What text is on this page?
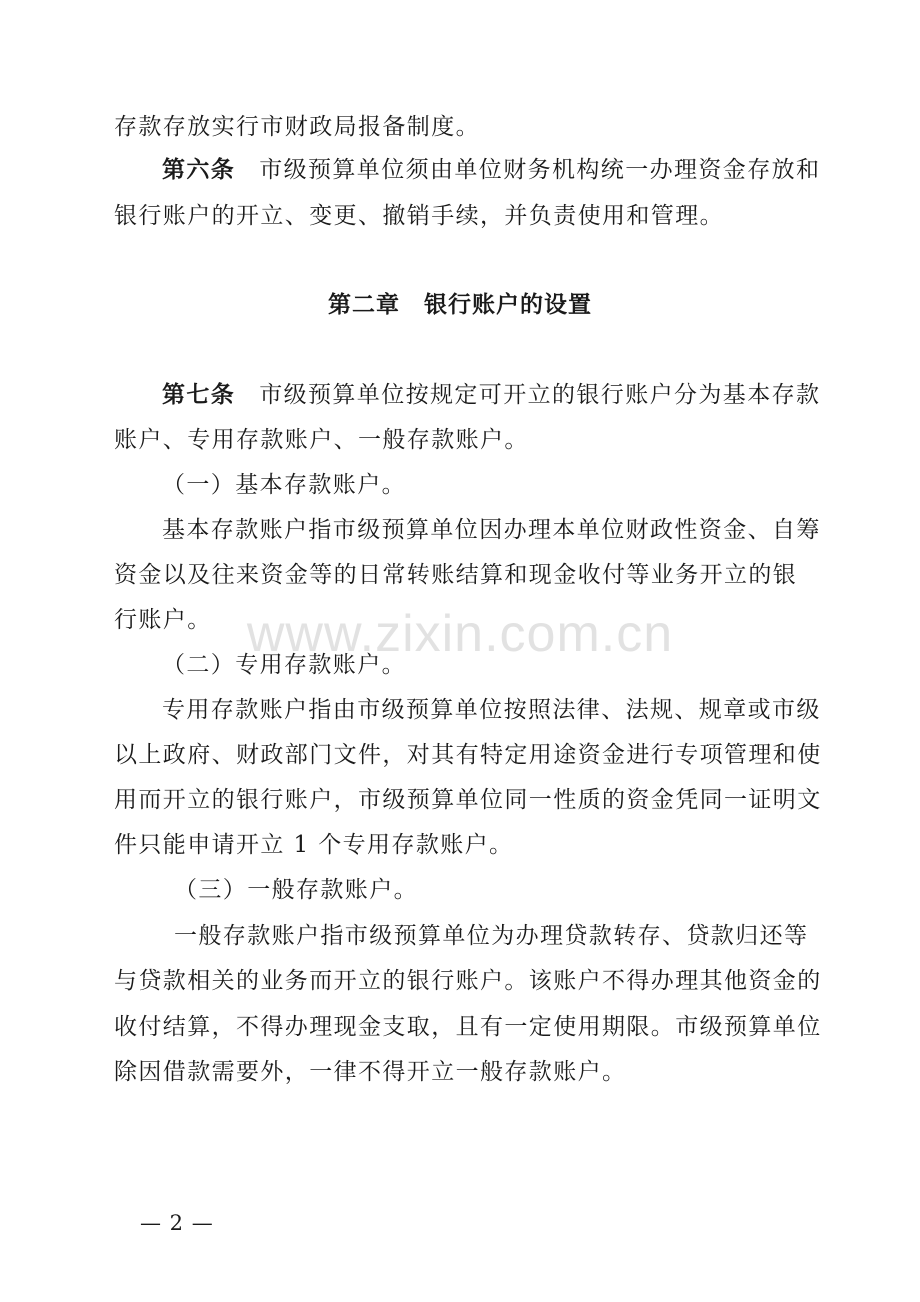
存款存放实行市财政局报备制度。
第六条 市级预算单位须由单位财务机构统一办理资金存放和
银行账户的开立、变更、撤销手续，并负责使用和管理。
第二章　银行账户的设置
第七条 市级预算单位按规定可开立的银行账户分为基本存款
账户、专用存款账户、一般存款账户。
（一）基本存款账户。
基本存款账户指市级预算单位因办理本单位财政性资金、自筹
资金以及往来资金等的日常转账结算和现金收付等业务开立的银
行账户。
（二）专用存款账户。
专用存款账户指由市级预算单位按照法律、法规、规章或市级
以上政府、财政部门文件，对其有特定用途资金进行专项管理和使
用而开立的银行账户，市级预算单位同一性质的资金凭同一证明文
件只能申请开立 1 个专用存款账户。
（三）一般存款账户。
一般存款账户指市级预算单位为办理贷款转存、贷款归还等
与贷款相关的业务而开立的银行账户。该账户不得办理其他资金的
收付结算，不得办理现金支取，且有一定使用期限。市级预算单位
除因借款需要外，一律不得开立一般存款账户。
www.zixin.com.cn
— 2 —
